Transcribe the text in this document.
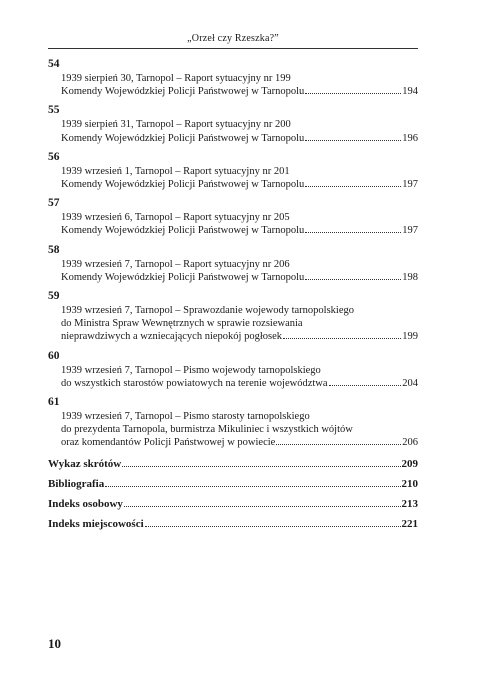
„Orzeł czy Rzeszka?”
54
1939 sierpień 30, Tarnopol – Raport sytuacyjny nr 199
Komendy Wojewódzkiej Policji Państwowej w Tarnopolu	194
55
1939 sierpień 31, Tarnopol – Raport sytuacyjny nr 200
Komendy Wojewódzkiej Policji Państwowej w Tarnopolu	196
56
1939 wrzesień 1, Tarnopol – Raport sytuacyjny nr 201
Komendy Wojewódzkiej Policji Państwowej w Tarnopolu	197
57
1939 wrzesień 6, Tarnopol – Raport sytuacyjny nr 205
Komendy Wojewódzkiej Policji Państwowej w Tarnopolu	197
58
1939 wrzesień 7, Tarnopol – Raport sytuacyjny nr 206
Komendy Wojewódzkiej Policji Państwowej w Tarnopolu	198
59
1939 wrzesień 7, Tarnopol – Sprawozdanie wojewody tarnopolskiego
do Ministra Spraw Wewnętrznych w sprawie rozsiewania
nieprawdziwych a wzniecających niepokój pogłosek	199
60
1939 wrzesień 7, Tarnopol – Pismo wojewody tarnopolskiego
do wszystkich starostów powiatowych na terenie województwa	204
61
1939 wrzesień 7, Tarnopol – Pismo starosty tarnopolskiego
do prezydenta Tarnopola, burmistrza Mikuliniec i wszystkich wójtów
oraz komendantów Policji Państwowej w powiecie	206
Wykaz skrótów	209
Bibliografia	210
Indeks osobowy	213
Indeks miejscowości	221
10
